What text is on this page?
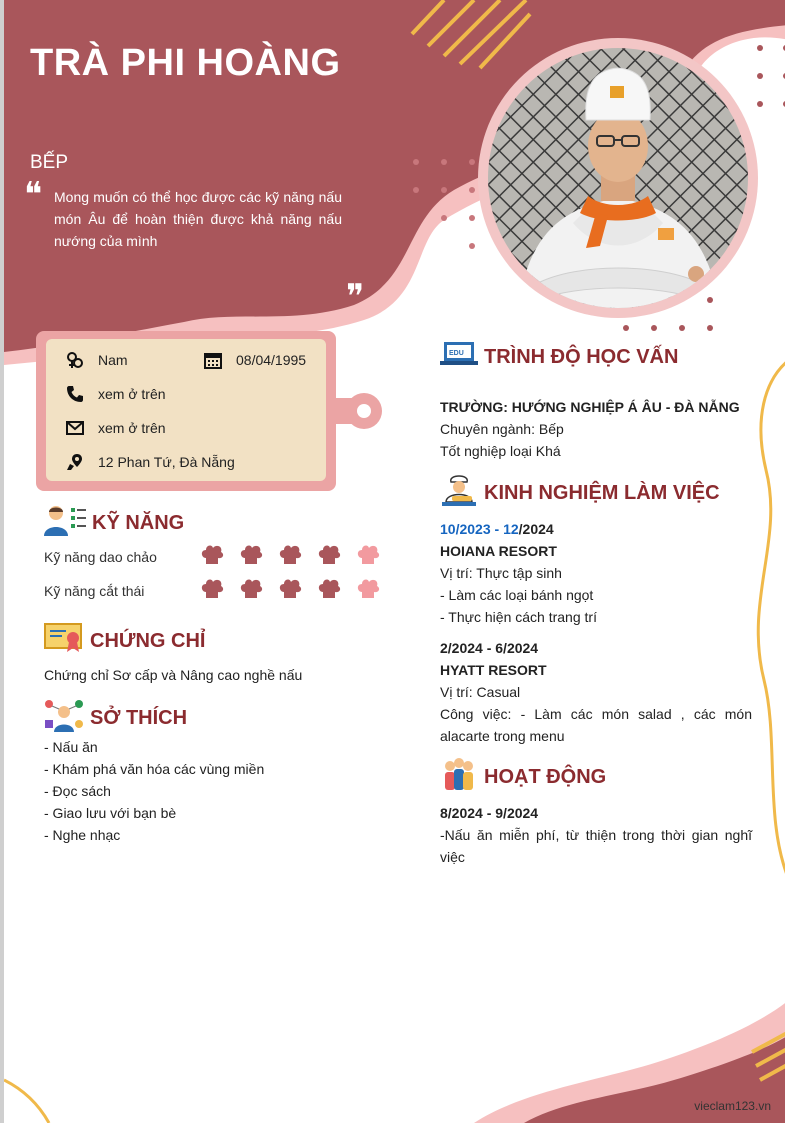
TRÀ PHI HOÀNG
BẾP
❝ Mong muốn có thể học được các kỹ năng nấu món Âu để hoàn thiện được khả năng nấu nướng của mình
❞
Nam	08/04/1995
xem ở trên
xem ở trên
12 Phan Tứ, Đà Nẵng
KỸ NĂNG
Kỹ năng dao chảo
Kỹ năng cắt thái
CHỨNG CHỈ
Chứng chỉ Sơ cấp và Nâng cao nghề nấu
SỞ THÍCH
- Nấu ăn
- Khám phá văn hóa các vùng miền
- Đọc sách
- Giao lưu với bạn bè
- Nghe nhạc
EDU TRÌNH ĐỘ HỌC VẤN
TRƯỜNG: HƯỚNG NGHIỆP Á ÂU - ĐÀ NẴNG
Chuyên ngành: Bếp
Tốt nghiệp loại Khá
KINH NGHIỆM LÀM VIỆC
10/2023 - 12/2024
HOIANA RESORT
Vị trí: Thực tập sinh
- Làm các loại bánh ngọt
- Thực hiện cách trang trí
2/2024 - 6/2024
HYATT RESORT
Vị trí: Casual
Công việc: - Làm các món salad , các món alacarte trong menu
HOẠT ĐỘNG
8/2024 - 9/2024
-Nấu ăn miễn phí, từ thiện trong thời gian nghĩ việc
vieclam123.vn
